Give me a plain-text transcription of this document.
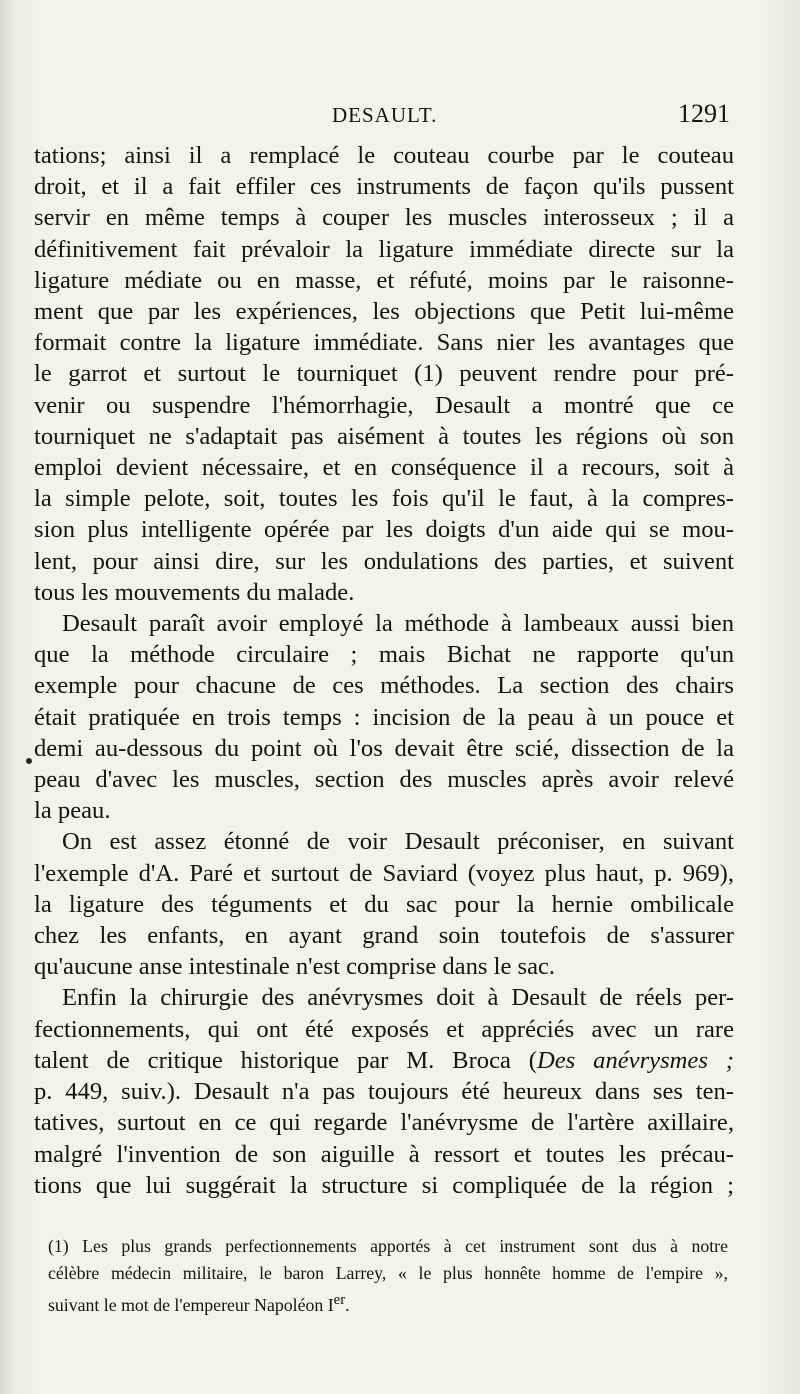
DESAULT.	1291

tations; ainsi il a remplacé le couteau courbe par le couteau
droit, et il a fait effiler ces instruments de façon qu'ils pussent
servir en même temps à couper les muscles interosseux ; il a
définitivement fait prévaloir la ligature immédiate directe sur la
ligature médiate ou en masse, et réfuté, moins par le raisonne-
ment que par les expériences, les objections que Petit lui-même
formait contre la ligature immédiate. Sans nier les avantages que
le garrot et surtout le tourniquet (1) peuvent rendre pour pré-
venir ou suspendre l'hémorrhagie, Desault a montré que ce
tourniquet ne s'adaptait pas aisément à toutes les régions où son
emploi devient nécessaire, et en conséquence il a recours, soit à
la simple pelote, soit, toutes les fois qu'il le faut, à la compres-
sion plus intelligente opérée par les doigts d'un aide qui se mou-
lent, pour ainsi dire, sur les ondulations des parties, et suivent
tous les mouvements du malade.

Desault paraît avoir employé la méthode à lambeaux aussi bien
que la méthode circulaire ; mais Bichat ne rapporte qu'un
exemple pour chacune de ces méthodes. La section des chairs
était pratiquée en trois temps : incision de la peau à un pouce et
demi au-dessous du point où l'os devait être scié, dissection de la
peau d'avec les muscles, section des muscles après avoir relevé
la peau.

On est assez étonné de voir Desault préconiser, en suivant
l'exemple d'A. Paré et surtout de Saviard (voyez plus haut, p. 969),
la ligature des téguments et du sac pour la hernie ombilicale
chez les enfants, en ayant grand soin toutefois de s'assurer
qu'aucune anse intestinale n'est comprise dans le sac.

Enfin la chirurgie des anévrysmes doit à Desault de réels per-
fectionnements, qui ont été exposés et appréciés avec un rare
talent de critique historique par M. Broca (Des anévrysmes ;
p. 449, suiv.). Desault n'a pas toujours été heureux dans ses ten-
tatives, surtout en ce qui regarde l'anévrysme de l'artère axillaire,
malgré l'invention de son aiguille à ressort et toutes les précau-
tions que lui suggérait la structure si compliquée de la région ;

(1) Les plus grands perfectionnements apportés à cet instrument sont dus à notre
célèbre médecin militaire, le baron Larrey, « le plus honnête homme de l'empire »,
suivant le mot de l'empereur Napoléon Ier.
